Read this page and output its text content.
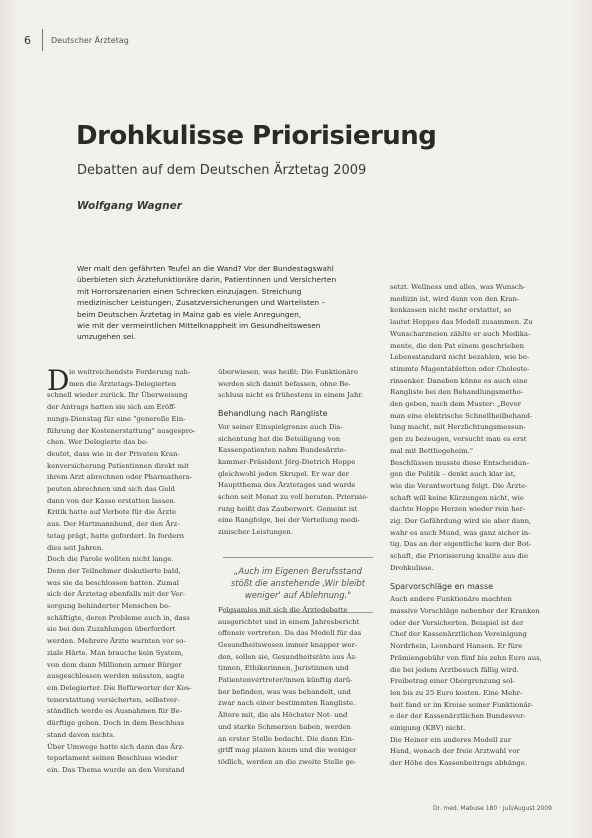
6	Deutscher Ärztetag
Drohkulisse Priorisierung
Debatten auf dem Deutschen Ärztetag 2009
Wolfgang Wagner
Wer malt den gefährten Teufel an die Wand? Vor der Bundestagswahl
überbieten sich Ärztefunktionäre darin, Patientinnen und Versicherten
mit Horrorszenarien einen Schrecken einzujagen. Streichung
medizinischer Leistungen, Zusatzversicherungen und Wartelisten –
beim Deutschen Ärztetag in Mainz gab es viele Anregungen,
wie mit der vermeintlichen Mittelknappheit im Gesundheitswesen
umzugehen sei.
D ie weitreichendste Forderung nah-
men die Ärztetags-Delegierten
schnell wieder zurück. Ihr Überweisung
der Antrags hatten sie sich am Eröff-
nungs-Dienstag für eine "generelle Ein-
führung der Kostenerstattung" ausgespro-
chen. Wer Delegierte das be-
deutet, dass wie in der Privaten Kran-
kenversicherung Patientinnen direkt mit
ihrem Arzt abrechnen oder Pharmathera-
peuten abrechnen und sich das Geld
dann von der Kasse erstatten lassen.
Kritik hatte auf Verbote für die Ärzte
aus. Der Hartmannbund, der den Ärz-
tetag prägt, hatte gefordert. In fordern
dies seit Jahren.
Doch die Parole wollten nicht lange.
Denn der Teilnehmer diskutierte bald,
was sie da beschlossen hatten. Zumal
sich der Ärztetag ebenfalls mit der Ver-
sorgung behinderter Menschen be-
schäftigte, deren Probleme auch in, dass
sie bei den Zuzahlungen überfordert
werden. Mehrere Ärzte warnten vor so-
ziale Härte. Man brauche kein System,
von dem dann Millionen armer Bürger
ausgeschlossen werden müssten, sagte
ein Delegierter. Die Befürworter der Kos-
tenerstattung versicherten, selbstver-
ständlich werde es Ausnahmen für Be-
dürftige geben. Doch in dem Beschluss
stand davon nichts.
Über Umwege hatte sich dann das Ärz-
teparlament seinen Beschluss wieder
ein. Das Thema wurde an den Vorstand
überwiesen, was heißt: Die Funktionäre
werden sich damit befassen, ohne Be-
schluss nicht es frühestens in einem Jahr.
Behandlung nach Rangliste
Vor seiner Einspielgrenze auch Dis-
sichentung hat die Beteiligung von
Kassenpatienten nahm Bundesärzte-
kammer-Präsident Jörg-Dietrich Hoppe
gleichwohl jeden Skrupel. Er war der
Hauptthema des Ärztetages und wurde
schon seit Monat zu voll beraten. Priorisie-
rung heißt das Zauberwort. Gemeint ist
eine Rangfolge, bei der Verteilung medi-
zinischer Leistungen.
Folgsamlos mit sich die Ärztedebatte
ausgerichtet und in einem Jahresbericht
offensiv vertreten. Da das Modell für das
Gesundheitswesen immer knapper wer-
den, sollen sie, Gesundheitsräte aus Äz-
tinnen, Ethikerinnen, Juristinnen und
Patientenvertreter/innen künftig darü-
ber befinden, was was behandelt, und
zwar nach einer bestimmten Rangliste.
Ältere mit, die als Höchster Not- und
und starke Schmerzen haben, werden
an erster Stelle bedacht. Die dann Ein-
griff mag planen kaum und die weniger
tödlich, werden an die zweite Stelle ge-
„Auch im Eigenen Berufsstand
stößt die anstehende ‚Wir bleibt
weniger' auf Ablehnung."
setzt. Wellness und alles, was Wunsch-
medizin ist, wird dann von den Kran-
kenkassen nicht mehr erstattet, so
lautet Hoppes das Modell zusammen. Zu
Wunscharzneien zählte er auch Medika-
mente, die den Pat einem geschrieben
Lebensstandard nicht bezahlen, wie be-
stimmte Magentabletten oder Choleste-
rinsenker. Daneben könne es auch eine
Rangliste bei den Behandlungsmetho-
den geben, nach dem Muster: „Bevor
man eine elektrische Schnellheilbehand-
lung macht, mit Herzlichtungsmessun-
gen zu bezeugen, versucht man es erst
mal mit Bettliegeheim."
Beschlüssen musste diese Entscheidun-
gen die Politik – denkt auch klar ist,
wie die Verantwortung folgt. Die Ärzte-
schaft will keine Kürzungen nicht, wie
dachte Hoppe Herzen wieder rein her-
zig. Der Gefährdung wird sie aber dann,
wahr es auch Mund, was ganz sicher in-
tig. Das an der eigentliche kern der Bot-
schaft, die Priorisierung knallte aus die
Drohkulisse.
Sparvorschläge en masse
Auch andere Funktionäre machten
massive Vorschläge nebenher der Kranken
oder der Versicherten. Beispiel ist der
Chef der Kassenärztlichen Vereinigung
Nordrhein, Leonhard Hansen. Er füre
Prämiengebühr von fünf bis zehn Euro aus,
die bei jedem Arztbesuch fällig wird.
Freibetrag einer Obergrenzung sol-
len bis zu 25 Euro kosten. Eine Mehr-
heit fand er im Kreise seiner Funktionär-
e der der Kassenärztlichen Bundesver-
einigung (KBV) nicht.
Die Heiner ein anderes Modell zur
Hand, wonach der freie Arztwahl vor
der Höhe des Kassenbeitrags abhänge.
Dr. med. Mabuse 180 · Juli/August 2009
